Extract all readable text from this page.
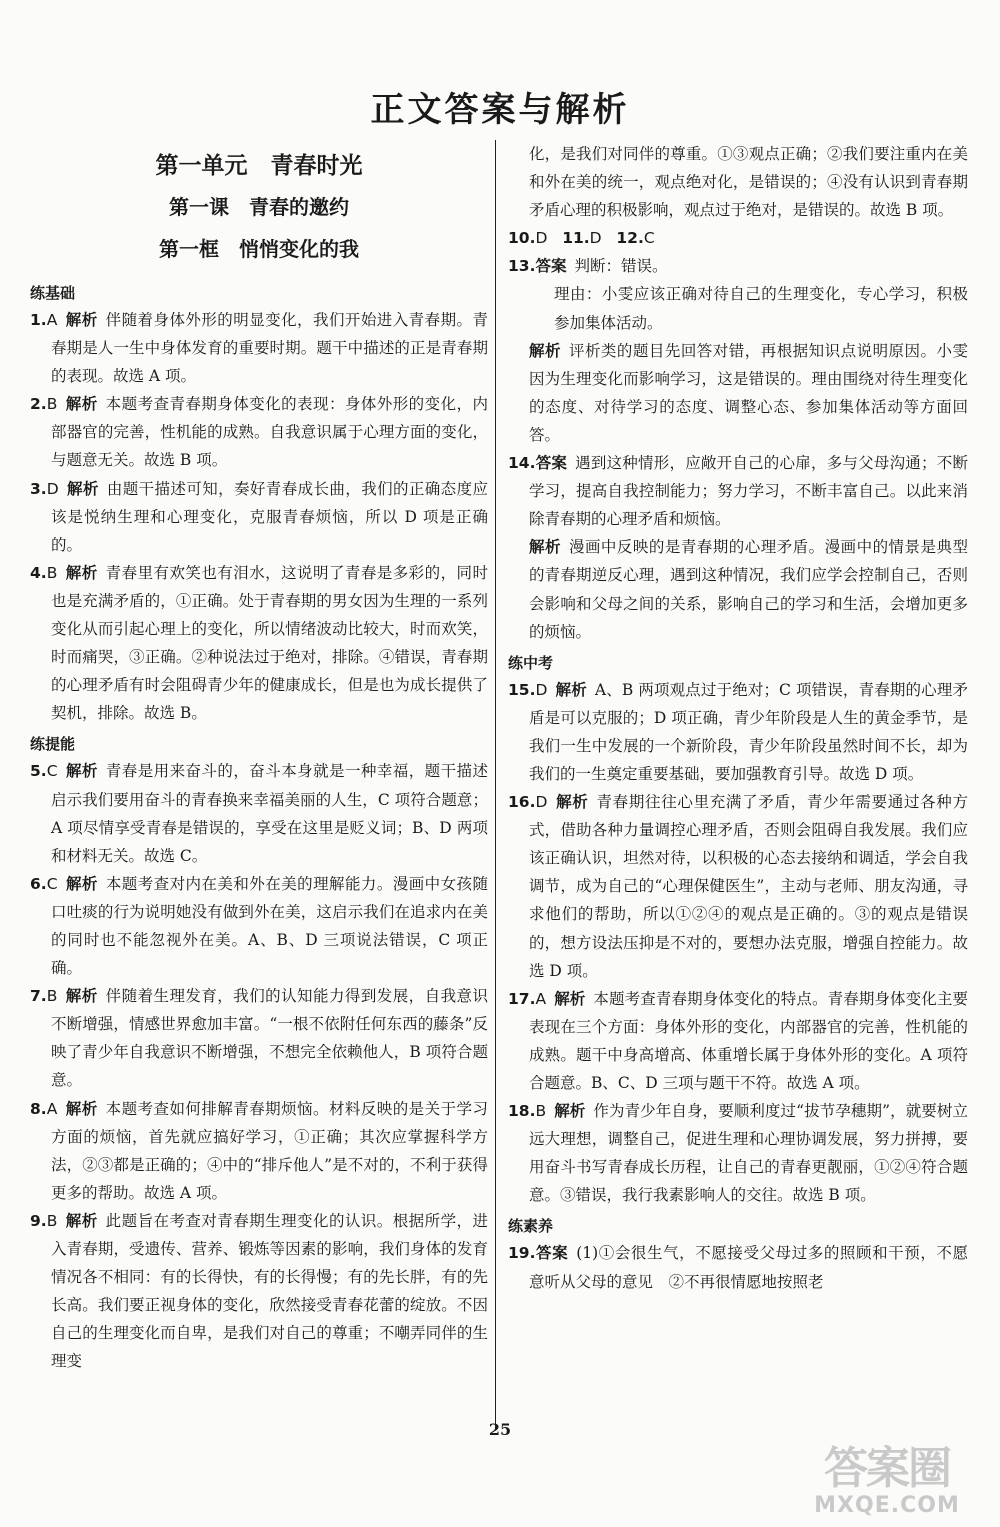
正文答案与解析
第一单元　青春时光
第一课　青春的邀约
第一框　悄悄变化的我
练基础
1.A 解析 伴随着身体外形的明显变化，我们开始进入青春期。青春期是人一生中身体发育的重要时期。题干中描述的正是青春期的表现。故选 A 项。
2.B 解析 本题考查青春期身体变化的表现：身体外形的变化，内部器官的完善，性机能的成熟。自我意识属于心理方面的变化，与题意无关。故选 B 项。
3.D 解析 由题干描述可知，奏好青春成长曲，我们的正确态度应该是悦纳生理和心理变化，克服青春烦恼，所以 D 项是正确的。
4.B 解析 青春里有欢笑也有泪水，这说明了青春是多彩的，同时也是充满矛盾的，①正确。处于青春期的男女因为生理的一系列变化从而引起心理上的变化，所以情绪波动比较大，时而欢笑，时而痛哭，③正确。②种说法过于绝对，排除。④错误，青春期的心理矛盾有时会阻碍青少年的健康成长，但是也为成长提供了契机，排除。故选 B。
练提能
5.C 解析 青春是用来奋斗的，奋斗本身就是一种幸福，题干描述启示我们要用奋斗的青春换来幸福美丽的人生，C 项符合题意；A 项尽情享受青春是错误的，享受在这里是贬义词；B、D 两项和材料无关。故选 C。
6.C 解析 本题考查对内在美和外在美的理解能力。漫画中女孩随口吐痰的行为说明她没有做到外在美，这启示我们在追求内在美的同时也不能忽视外在美。A、B、D 三项说法错误，C 项正确。
7.B 解析 伴随着生理发育，我们的认知能力得到发展，自我意识不断增强，情感世界愈加丰富。“一根不依附任何东西的藤条”反映了青少年自我意识不断增强，不想完全依赖他人，B 项符合题意。
8.A 解析 本题考查如何排解青春期烦恼。材料反映的是关于学习方面的烦恼，首先就应搞好学习，①正确；其次应掌握科学方法，②③都是正确的；④中的“排斥他人”是不对的，不利于获得更多的帮助。故选 A 项。
9.B 解析 此题旨在考查对青春期生理变化的认识。根据所学，进入青春期，受遗传、营养、锻炼等因素的影响，我们身体的发育情况各不相同：有的长得快，有的长得慢；有的先长胖，有的先长高。我们要正视身体的变化，欣然接受青春花蕾的绽放。不因自己的生理变化而自卑，是我们对自己的尊重；不嘲弄同伴的生理变
化，是我们对同伴的尊重。①③观点正确；②我们要注重内在美和外在美的统一，观点绝对化，是错误的；④没有认识到青春期矛盾心理的积极影响，观点过于绝对，是错误的。故选 B 项。
10.D 11.D 12.C
13.答案 判断：错误。
理由：小雯应该正确对待自己的生理变化，专心学习，积极参加集体活动。
解析 评析类的题目先回答对错，再根据知识点说明原因。小雯因为生理变化而影响学习，这是错误的。理由围绕对待生理变化的态度、对待学习的态度、调整心态、参加集体活动等方面回答。
14.答案 遇到这种情形，应敞开自己的心扉，多与父母沟通；不断学习，提高自我控制能力；努力学习，不断丰富自己。以此来消除青春期的心理矛盾和烦恼。
解析 漫画中反映的是青春期的心理矛盾。漫画中的情景是典型的青春期逆反心理，遇到这种情况，我们应学会控制自己，否则会影响和父母之间的关系，影响自己的学习和生活，会增加更多的烦恼。
练中考
15.D 解析 A、B 两项观点过于绝对；C 项错误，青春期的心理矛盾是可以克服的；D 项正确，青少年阶段是人生的黄金季节，是我们一生中发展的一个新阶段，青少年阶段虽然时间不长，却为我们的一生奠定重要基础，要加强教育引导。故选 D 项。
16.D 解析 青春期往往心里充满了矛盾，青少年需要通过各种方式，借助各种力量调控心理矛盾，否则会阻碍自我发展。我们应该正确认识，坦然对待，以积极的心态去接纳和调适，学会自我调节，成为自己的“心理保健医生”，主动与老师、朋友沟通，寻求他们的帮助，所以①②④的观点是正确的。③的观点是错误的，想方设法压抑是不对的，要想办法克服，增强自控能力。故选 D 项。
17.A 解析 本题考查青春期身体变化的特点。青春期身体变化主要表现在三个方面：身体外形的变化，内部器官的完善，性机能的成熟。题干中身高增高、体重增长属于身体外形的变化。A 项符合题意。B、C、D 三项与题干不符。故选 A 项。
18.B 解析 作为青少年自身，要顺利度过“拔节孕穗期”，就要树立远大理想，调整自己，促进生理和心理协调发展，努力拼搏，要用奋斗书写青春成长历程，让自己的青春更靓丽，①②④符合题意。③错误，我行我素影响人的交往。故选 B 项。
练素养
19.答案 (1)①会很生气，不愿接受父母过多的照顾和干预，不愿意听从父母的意见　②不再很情愿地按照老
25
答案圈
MXQE.COM
